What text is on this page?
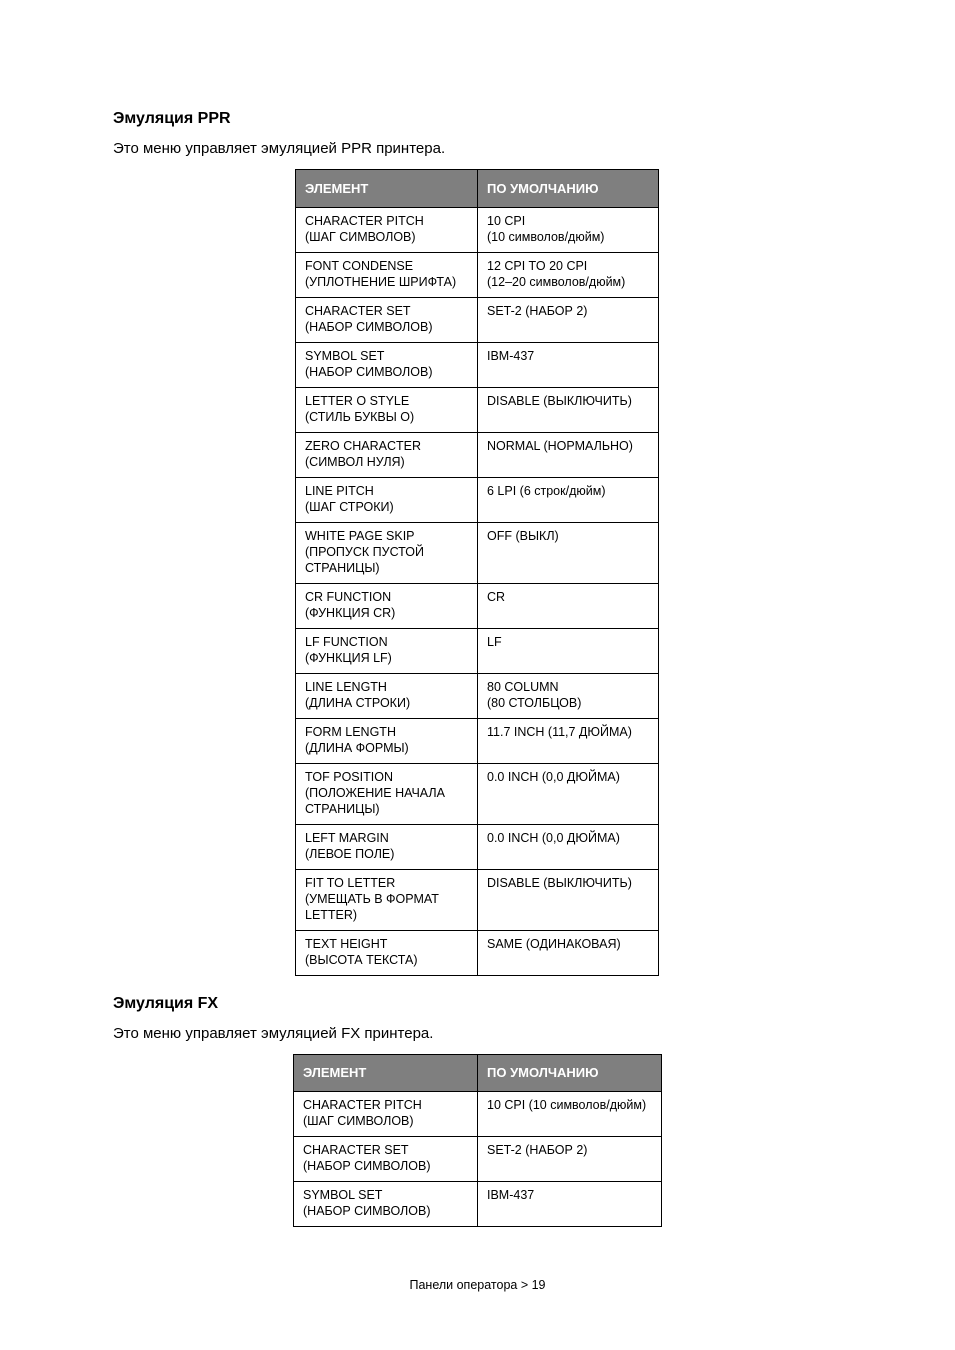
Эмуляция PPR

Это меню управляет эмуляцией PPR принтера.

ЭЛЕМЕНТ	ПО УМОЛЧАНИЮ

CHARACTER PITCH
(ШАГ СИМВОЛОВ)	10 CPI
(10 символов/дюйм)

FONT CONDENSE
(УПЛОТНЕНИЕ ШРИФТА)	12 CPI TO 20 CPI
(12–20 символов/дюйм)

CHARACTER SET
(НАБОР СИМВОЛОВ)	SET-2 (НАБОР 2)

SYMBOL SET
(НАБОР СИМВОЛОВ)	IBM-437

LETTER O STYLE
(СТИЛЬ БУКВЫ О)	DISABLE (ВЫКЛЮЧИТЬ)

ZERO CHARACTER
(СИМВОЛ НУЛЯ)	NORMAL (НОРМАЛЬНО)

LINE PITCH
(ШАГ СТРОКИ)	6 LPI (6 строк/дюйм)

WHITE PAGE SKIP
(ПРОПУСК ПУСТОЙ
СТРАНИЦЫ)	OFF (ВЫКЛ)

CR FUNCTION
(ФУНКЦИЯ CR)	CR

LF FUNCTION
(ФУНКЦИЯ LF)	LF

LINE LENGTH
(ДЛИНА СТРОКИ)	80 COLUMN
(80 СТОЛБЦОВ)

FORM LENGTH
(ДЛИНА ФОРМЫ)	11.7 INCH (11,7 ДЮЙМА)

TOF POSITION
(ПОЛОЖЕНИЕ НАЧАЛА
СТРАНИЦЫ)	0.0 INCH (0,0 ДЮЙМА)

LEFT MARGIN
(ЛЕВОЕ ПОЛЕ)	0.0 INCH (0,0 ДЮЙМА)

FIT TO LETTER
(УМЕЩАТЬ В ФОРМАТ
LETTER)	DISABLE (ВЫКЛЮЧИТЬ)

TEXT HEIGHT
(ВЫСОТА ТЕКСТА)	SAME (ОДИНАКОВАЯ)
Эмуляция FX

Это меню управляет эмуляцией FX принтера.

ЭЛЕМЕНТ	ПО УМОЛЧАНИЮ

CHARACTER PITCH
(ШАГ СИМВОЛОВ)	10 CPI (10 символов/дюйм)

CHARACTER SET
(НАБОР СИМВОЛОВ)	SET-2 (НАБОР 2)

SYMBOL SET
(НАБОР СИМВОЛОВ)	IBM-437

Панели оператора > 19
